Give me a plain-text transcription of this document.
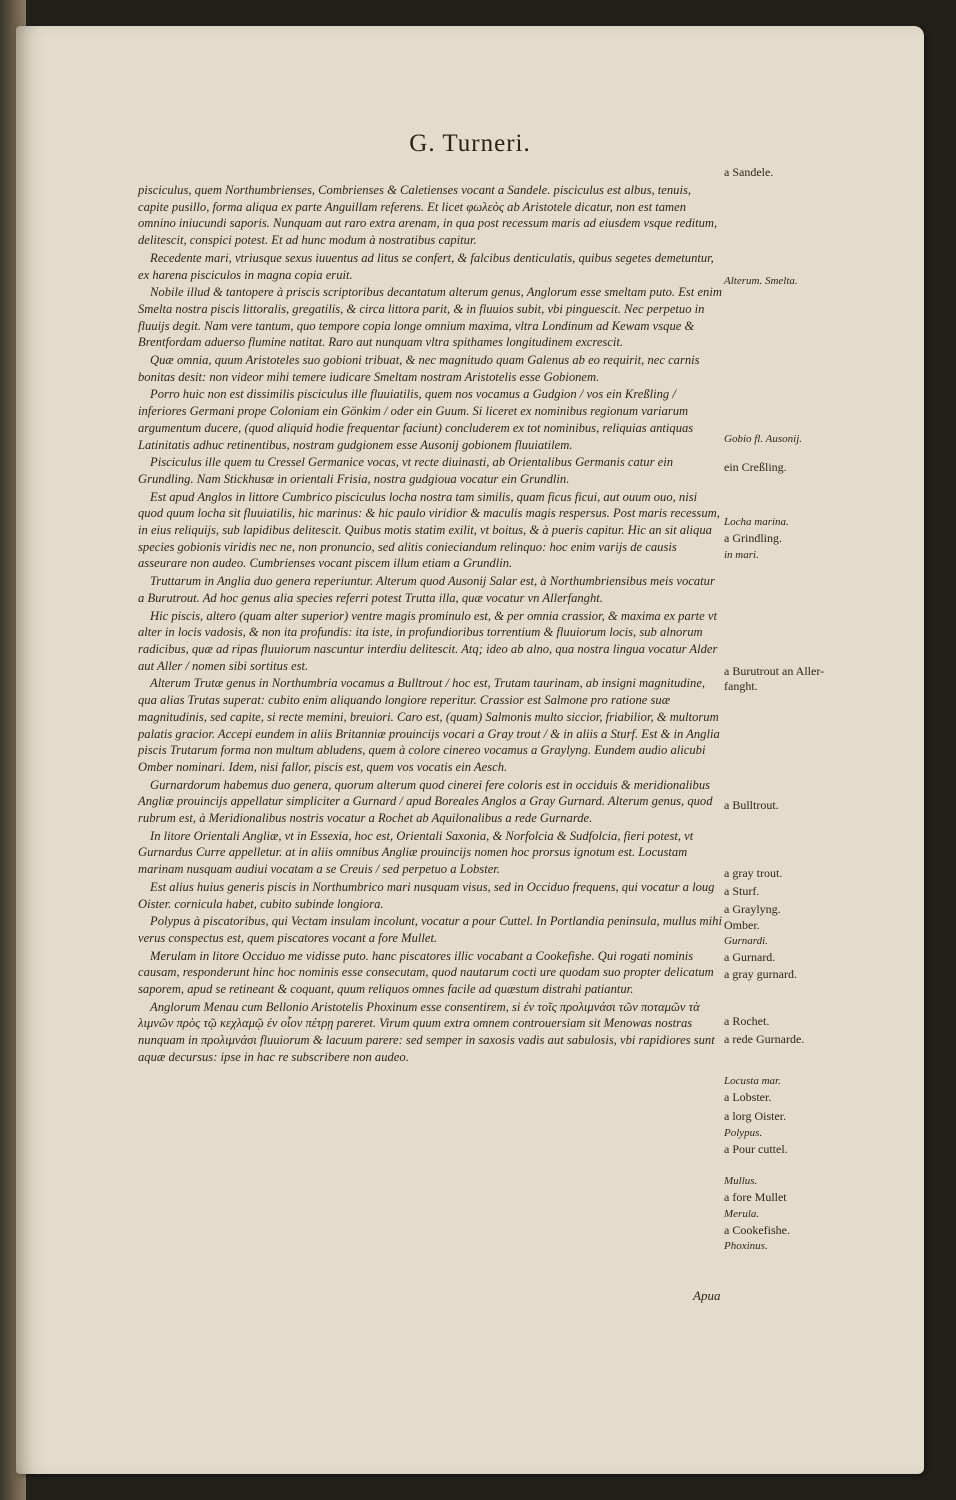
G. Turneri.

pisciculus, quem Northumbrienses, Combrienses & Caletienses vocant a Sandele. pisciculus est albus, tenuis, capite pusillo, forma aliqua ex parte Anguillam referens. Et licet φωλεὸς ab Aristotele dicatur, non est tamen omnino iniucundi saporis. Nunquam aut raro extra arenam, in qua post recessum maris ad eiusdem vsque reditum, delitescit, conspici potest. Et ad hunc modum à nostratibus capitur.

Recedente mari, vtriusque sexus iuuentus ad litus se confert, & falcibus denticulatis, quibus segetes demetuntur, ex harena pisciculos in magna copia eruit.

Nobile illud & tantopere à priscis scriptoribus decantatum alterum genus, Anglorum esse smeltam puto. Est enim Smelta nostra piscis littoralis, gregatilis, & circa littora parit, & in fluuios subit, vbi pinguescit. Nec perpetuo in fluuijs degit. Nam vere tantum, quo tempore copia longe omnium maxima, vltra Londinum ad Kewam vsque & Brentfordam aduerso flumine natitat. Raro aut nunquam vltra spithames longitudinem excrescit.

Quæ omnia, quum Aristoteles suo gobioni tribuat, & nec magnitudo quam Galenus ab eo requirit, nec carnis bonitas desit: non videor mihi temere iudicare Smeltam nostram Aristotelis esse Gobionem.

Porro huic non est dissimilis pisciculus ille fluuiatilis, quem nos vocamus a Gudgion / vos ein Kreßling / inferiores Germani prope Coloniam ein Gönkim / oder ein Guum. Si liceret ex nominibus regionum variarum argumentum ducere, (quod aliquid hodie frequentar faciunt) concluderem ex tot nominibus, reliquias antiquas Latinitatis adhuc retinentibus, nostram gudgionem esse Ausonij gobionem fluuiatilem.

Pisciculus ille quem tu Cressel Germanice vocas, vt recte diuinasti, ab Orientalibus Germanis catur ein Grundling. Nam Stickhusæ in orientali Frisia, nostra gudgioua vocatur ein Grundlin.

Est apud Anglos in littore Cumbrico pisciculus locha nostra tam similis, quam ficus ficui, aut ouum ouo, nisi quod quum locha sit fluuiatilis, hic marinus: & hic paulo viridior & maculis magis respersus. Post maris recessum, in eius reliquijs, sub lapidibus delitescit. Quibus motis statim exilit, vt boitus, & à pueris capitur. Hic an sit aliqua species gobionis viridis nec ne, non pronuncio, sed alitis conieciandum relinquo: hoc enim varijs de causis asseurare non audeo. Cumbrienses vocant piscem illum etiam a Grundlin.

Truttarum in Anglia duo genera reperiuntur. Alterum quod Ausonij Salar est, à Northumbriensibus meis vocatur a Burutrout. Ad hoc genus alia species referri potest Trutta illa, quæ vocatur vn Allerfanght.

Hic piscis, altero (quam alter superior) ventre magis prominulo est, & per omnia crassior, & maxima ex parte vt alter in locis vadosis, & non ita profundis: ita iste, in profundioribus torrentium & fluuiorum locis, sub alnorum radicibus, quæ ad ripas fluuiorum nascuntur interdiu delitescit. Atq; ideo ab alno, qua nostra lingua vocatur Alder aut Aller / nomen sibi sortitus est.

Alterum Trutæ genus in Northumbria vocamus a Bulltrout / hoc est, Trutam taurinam, ab insigni magnitudine, qua alias Trutas superat: cubito enim aliquando longiore reperitur. Crassior est Salmone pro ratione suæ magnitudinis, sed capite, si recte memini, breuiori. Caro est, (quam) Salmonis multo siccior, friabilior, & multorum palatis gracior. Accepi eundem in aliis Britanniæ prouincijs vocari a Gray trout / & in aliis a Sturf. Est & in Anglia piscis Trutarum forma non multum abludens, quem à colore cinereo vocamus a Graylyng. Eundem audio alicubi Omber nominari. Idem, nisi fallor, piscis est, quem vos vocatis ein Aesch.

Gurnardorum habemus duo genera, quorum alterum quod cinerei fere coloris est in occiduis & meridionalibus Angliæ prouincijs appellatur simpliciter a Gurnard / apud Boreales Anglos a Gray Gurnard. Alterum genus, quod rubrum est, à Meridionalibus nostris vocatur a Rochet ab Aquilonalibus a rede Gurnarde.

In litore Orientali Angliæ, vt in Essexia, hoc est, Orientali Saxonia, & Norfolcia & Sudfolcia, fieri potest, vt Gurnardus Curre appelletur. at in aliis omnibus Angliæ prouincijs nomen hoc prorsus ignotum est. Locustam marinam nusquam audiui vocatam a se Creuis / sed perpetuo a Lobster.

Est alius huius generis piscis in Northumbrico mari nusquam visus, sed in Occiduo frequens, qui vocatur a loug Oister. cornicula habet, cubito subinde longiora.

Polypus à piscatoribus, qui Vectam insulam incolunt, vocatur a pour Cuttel. In Portlandia peninsula, mullus mihi verus conspectus est, quem piscatores vocant a fore Mullet.

Merulam in litore Occiduo me vidisse puto. hanc piscatores illic vocabant a Cookefishe. Qui rogati nominis causam, responderunt hinc hoc nominis esse consecutam, quod nautarum cocti ure quodam suo propter delicatum saporem, apud se retineant & coquant, quum reliquos omnes facile ad quæstum distrahi patiantur.

Anglorum Menau cum Bellonio Aristotelis Phoxinum esse consentirem, si ἐν τοῖς προλιμνάσι τῶν ποταμῶν τὰ λιμνῶν πρὸς τῷ κεχλαμῷ ἐν οἷον πέτρῃ pareret. Virum quum extra omnem controuersiam sit Menowas nostras nunquam in προλιμνάσι fluuiorum & lacuum parere: sed semper in saxosis vadis aut sabulosis, vbi rapidiores sunt aquæ decursus: ipse in hac re subscribere non audeo.

a Sandele.
Alterum. Smelta.
Gobio fl. Ausonij.
ein Creßling.
Locha marina.
a Grindling.
in mari.
a Burutrout an Aller-fanght.
a Bulltrout.
a gray trout.
a Sturf.
a Graylyng.
Omber.
Gurnardi.
a Gurnard.
a gray gurnard.
a Rochet.
a rede Gurnarde.
Locusta mar.
a Lobster.
a lorg Oister.
Polypus.
a Pour cuttel.
Mullus.
a fore Mullet
Merula.
a Cookefishe.
Phoxinus.
Apua
